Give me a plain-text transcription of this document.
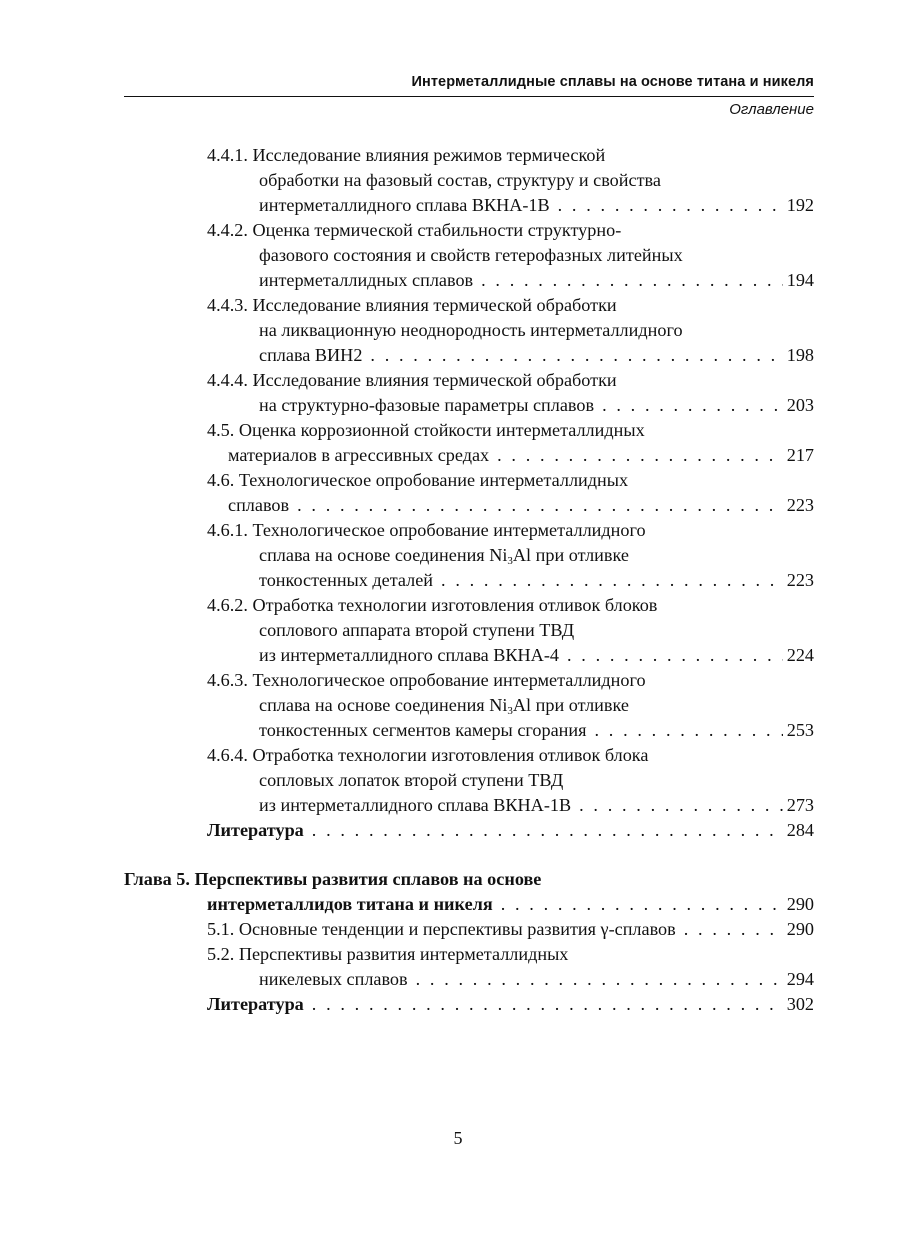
Интерметаллидные сплавы на основе титана и никеля
Оглавление
4.4.1. Исследование влияния режимов термической
обработки на фазовый состав, структуру и свойства
интерметаллидного сплава ВКНА-1В . . .	192
4.4.2. Оценка термической стабильности структурно-
фазового состояния и свойств гетерофазных литейных
интерметаллидных сплавов . . .	194
4.4.3. Исследование влияния термической обработки
на ликвационную неоднородность интерметаллидного
сплава ВИН2 . . .	198
4.4.4. Исследование влияния термической обработки
на структурно-фазовые параметры сплавов . . .	203
4.5. Оценка коррозионной стойкости интерметаллидных
материалов в агрессивных средах . . .	217
4.6. Технологическое опробование интерметаллидных
сплавов . . .	223
4.6.1. Технологическое опробование интерметаллидного
сплава на основе соединения $Ni_3Al$ при отливке
тонкостенных деталей . . .	223
4.6.2. Отработка технологии изготовления отливок блоков
соплового аппарата второй ступени ТВД
из интерметаллидного сплава ВКНА-4 . . .	224
4.6.3. Технологическое опробование интерметаллидного
сплава на основе соединения $Ni_3Al$ при отливке
тонкостенных сегментов камеры сгорания . . .	253
4.6.4. Отработка технологии изготовления отливок блока
сопловых лопаток второй ступени ТВД
из интерметаллидного сплава ВКНА-1В . . .	273
Литература . . .	284
Глава 5. Перспективы развития сплавов на основе
интерметаллидов титана и никеля . . .	290
5.1. Основные тенденции и перспективы развития γ-сплавов . . .	290
5.2. Перспективы развития интерметаллидных
никелевых сплавов . . .	294
Литература . . .	302
5
